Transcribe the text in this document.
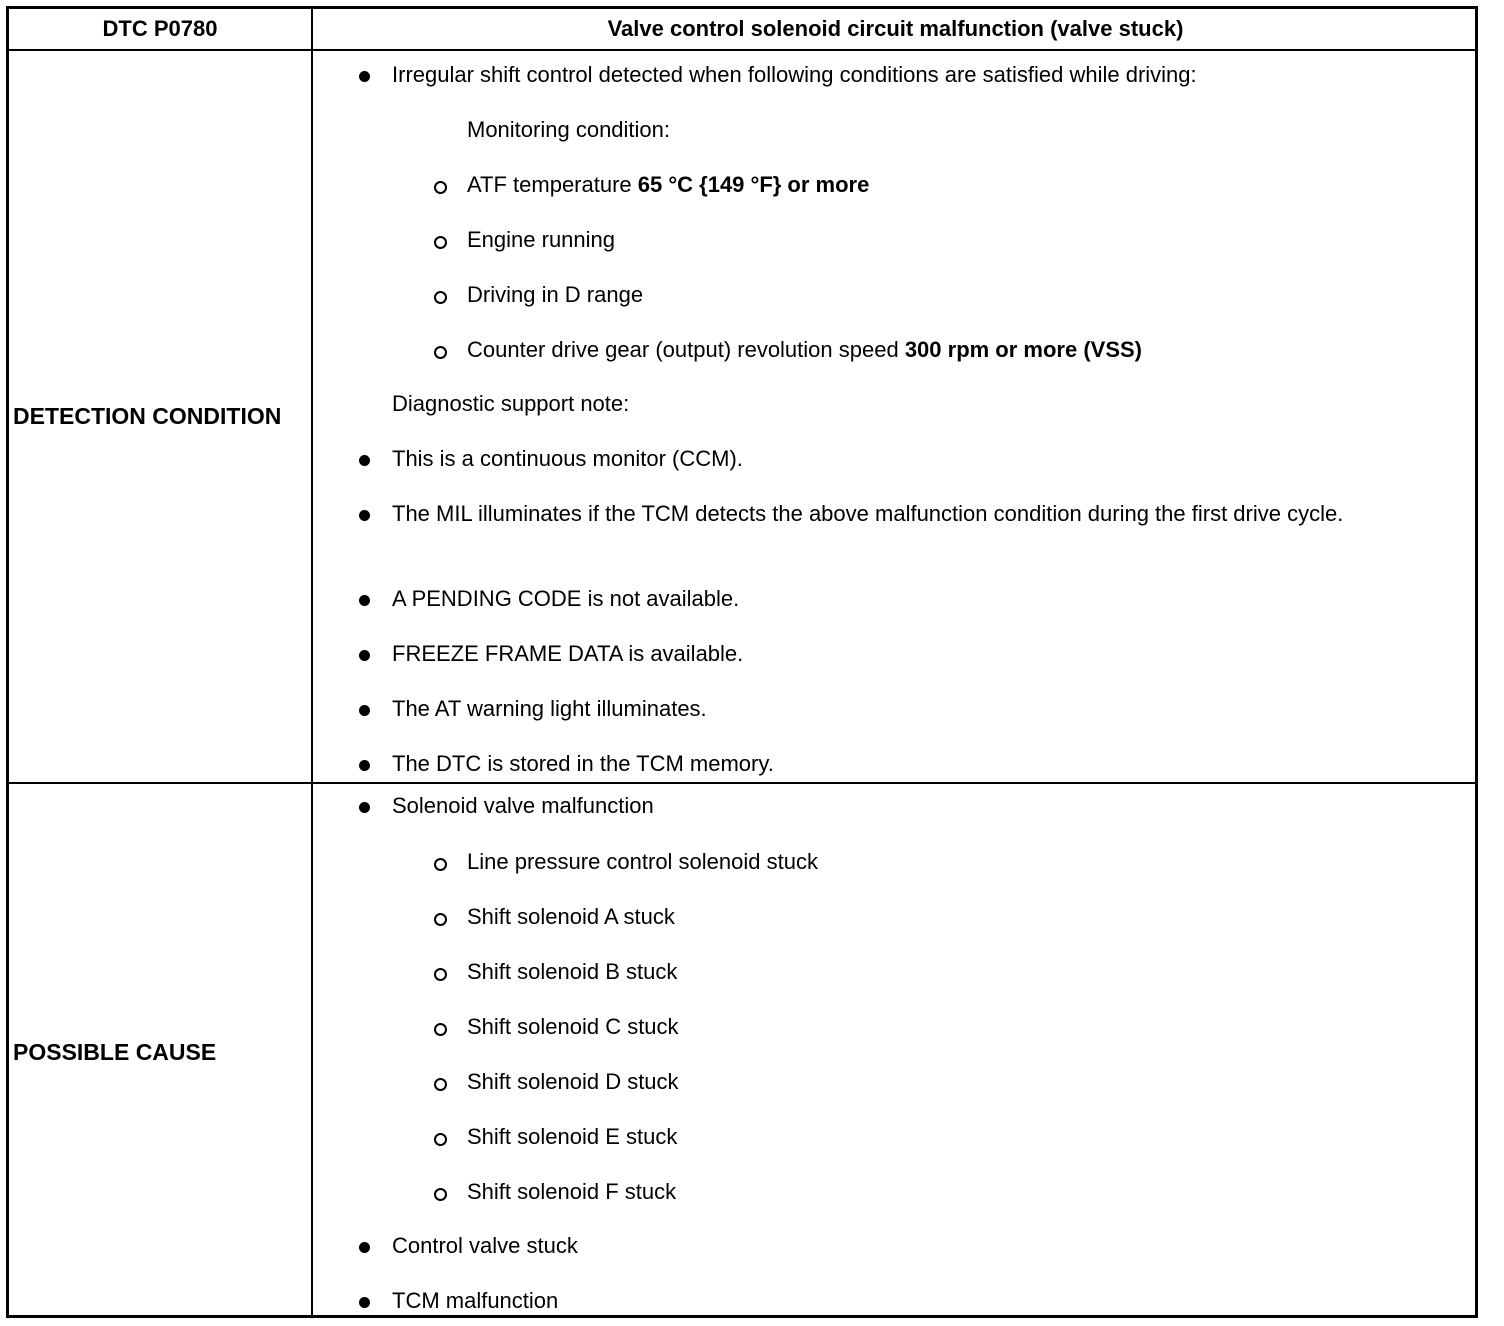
DTC P0780	Valve control solenoid circuit malfunction (valve stuck)
DETECTION CONDITION
POSSIBLE CAUSE
Irregular shift control detected when following conditions are satisfied while driving:
Monitoring condition:
ATF temperature 65 °C {149 °F} or more
Engine running
Driving in D range
Counter drive gear (output) revolution speed 300 rpm or more (VSS)
Diagnostic support note:
This is a continuous monitor (CCM).
The MIL illuminates if the TCM detects the above malfunction condition during the first drive cycle.
A PENDING CODE is not available.
FREEZE FRAME DATA is available.
The AT warning light illuminates.
The DTC is stored in the TCM memory.
Solenoid valve malfunction
Line pressure control solenoid stuck
Shift solenoid A stuck
Shift solenoid B stuck
Shift solenoid C stuck
Shift solenoid D stuck
Shift solenoid E stuck
Shift solenoid F stuck
Control valve stuck
TCM malfunction
